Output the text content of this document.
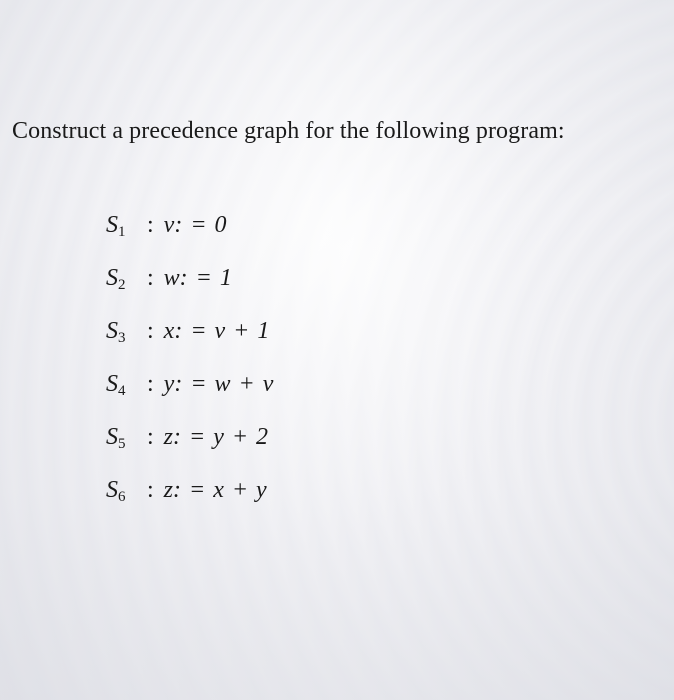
Construct a precedence graph for the following program:
$S_1$ : v: = 0
$S_2$ : w: = 1
$S_3$ : x: = v + 1
$S_4$ : y: = w + v
$S_5$ : z: = y + 2
$S_6$ : z: = x + y
